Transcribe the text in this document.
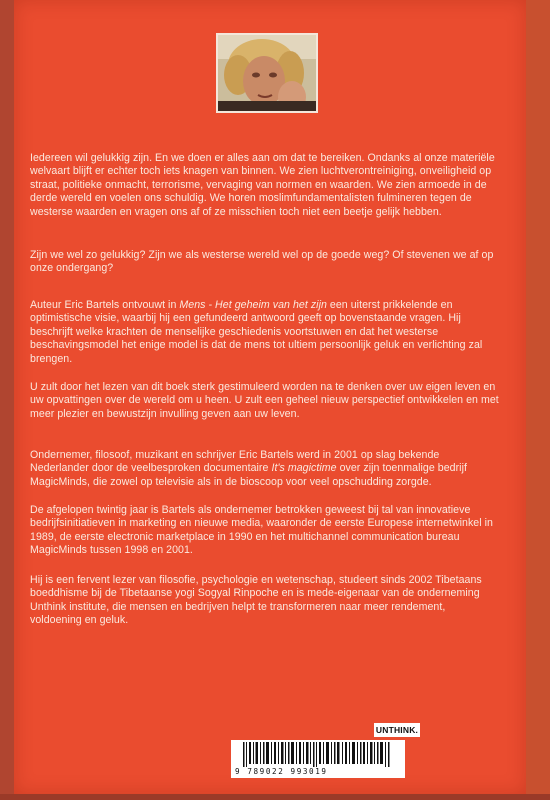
Iedereen wil gelukkig zijn. En we doen er alles aan om dat te bereiken. Ondanks al onze materiële welvaart blijft er echter toch iets knagen van binnen. We zien luchtverontreiniging, onveiligheid op straat, politieke onmacht, terrorisme, vervaging van normen en waarden. We zien armoede in de derde wereld en voelen ons schuldig. We horen moslimfundamentalisten fulmineren tegen de westerse waarden en vragen ons af of ze misschien toch niet een beetje gelijk hebben.

Zijn we wel zo gelukkig? Zijn we als westerse wereld wel op de goede weg? Of stevenen we af op onze ondergang?

Auteur Eric Bartels ontvouwt in Mens - Het geheim van het zijn een uiterst prikkelende en optimistische visie, waarbij hij een gefundeerd antwoord geeft op bovenstaande vragen. Hij beschrijft welke krachten de menselijke geschiedenis voortstuwen en dat het westerse beschavingsmodel het enige model is dat de mens tot ultiem persoonlijk geluk en verlichting zal brengen.

U zult door het lezen van dit boek sterk gestimuleerd worden na te denken over uw eigen leven en uw opvattingen over de wereld om u heen. U zult een geheel nieuw perspectief ontwikkelen en met meer plezier en bewustzijn invulling geven aan uw leven.

Ondernemer, filosoof, muzikant en schrijver Eric Bartels werd in 2001 op slag bekende Nederlander door de veelbesproken documentaire It's magictime over zijn toenmalige bedrijf MagicMinds, die zowel op televisie als in de bioscoop voor veel opschudding zorgde.

De afgelopen twintig jaar is Bartels als ondernemer betrokken geweest bij tal van innovatieve bedrijfsinitiatieven in marketing en nieuwe media, waaronder de eerste Europese internetwinkel in 1989, de eerste electronic marketplace in 1990 en het multichannel communication bureau MagicMinds tussen 1998 en 2001.

Hij is een fervent lezer van filosofie, psychologie en wetenschap, studeert sinds 2002 Tibetaans boeddhisme bij de Tibetaanse yogi Sogyal Rinpoche en is mede-eigenaar van de onderneming Unthink institute, die mensen en bedrijven helpt te transformeren naar meer rendement, voldoening en geluk.

UNTHINK.
9 789022 993019
